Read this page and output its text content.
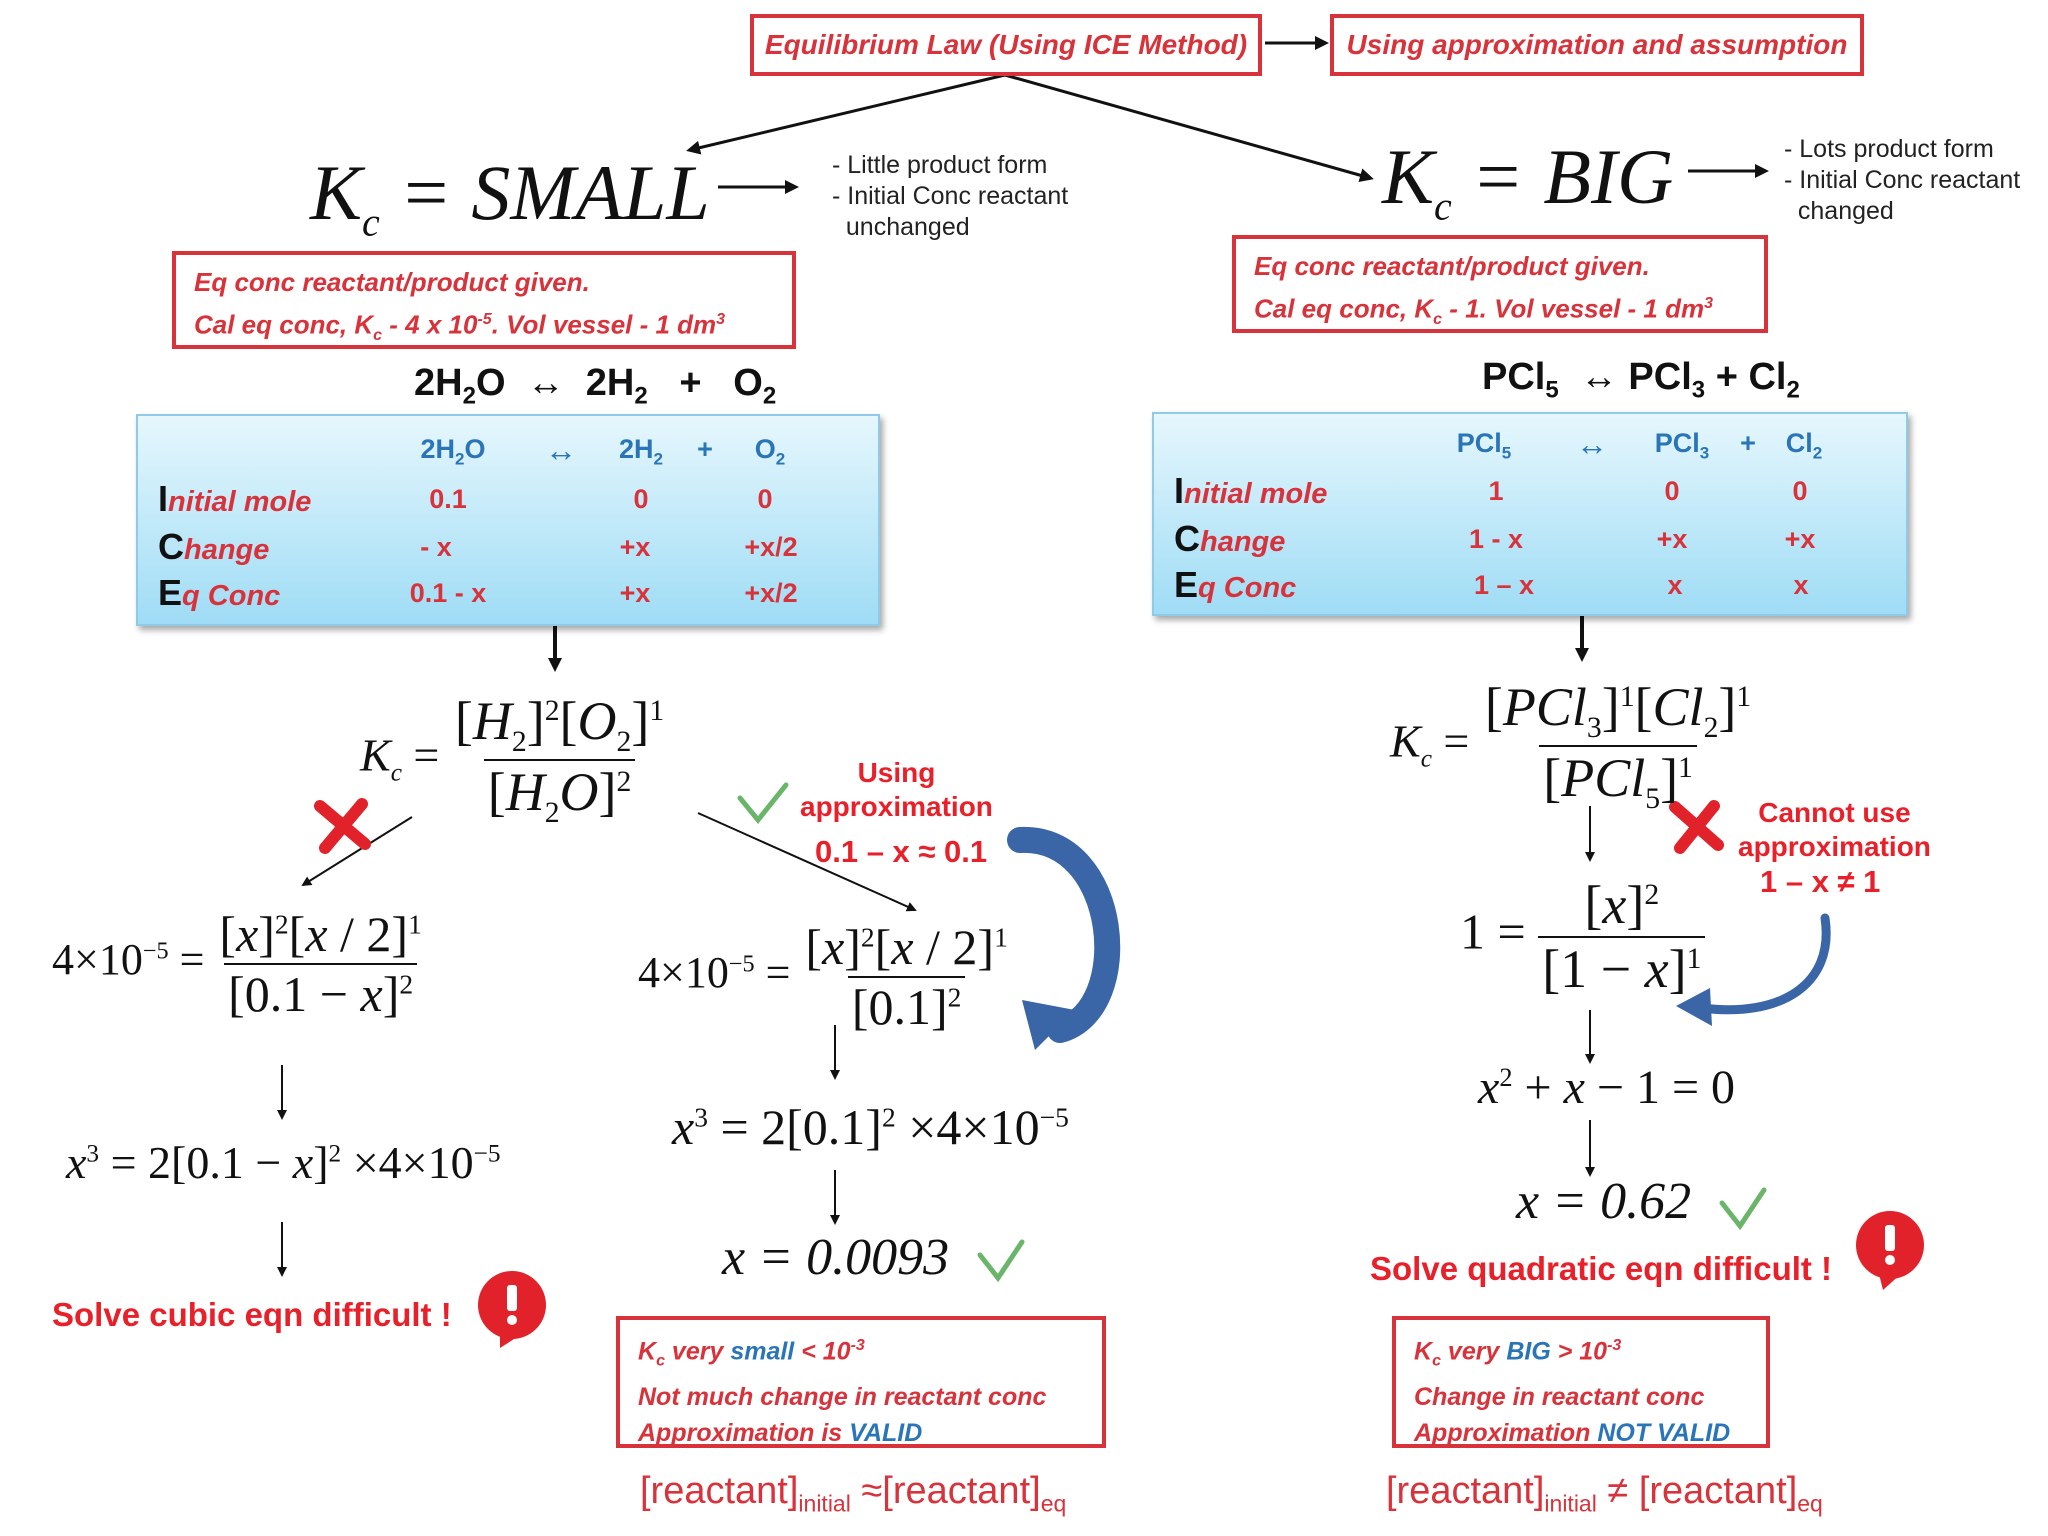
Equilibrium Law (Using ICE Method)	Using approximation and assumption
$K_c$ = SMALL	- Little product form
- Initial Conc reactant
unchanged
Eq conc reactant/product given.
Cal eq conc, $K_c - 4$ x $10^{-5}$. Vol vessel - 1 $dm^3$
$2H_2O$ ↔ $2H_2 + O_2$
$2H_2O$ ↔ $2H_2 + O_2$
Initial mole	0.1	0	0
Change	- x	+x	+x/2
Eq Conc	0.1 - x	+x	+x/2
$K_c = \frac{[H_2]^2[O_2]^1}{[H_2O]^2}$	Using
approximation
0.1 – x ≈ 0.1
$4\times 10^{-5} = \frac{[x]^2[x / 2]^1}{[0.1 - x]^2}$
$x^3 = 2[0.1 - x]^2 \times 4\times 10^{-5}$
Solve cubic eqn difficult !
$4\times 10^{-5} = \frac{[x]^2[x / 2]^1}{[0.1]^2}$
$x^3 = 2[0.1]^2 \times 4\times 10^{-5}$
x = 0.0093
$K_c$ very small < $10^{-3}$
Not much change in reactant conc
Approximation is VALID
$[reactant]_{initial}$ $\approx[reactant]_{eq}$
$K_c$ = BIG	- Lots product form
- Initial Conc reactant
changed
Eq conc reactant/product given.
Cal eq conc, $K_c - 1$. Vol vessel - 1 $dm^3$
PCl$_5$ ↔ $PCl_3 + Cl_2$
PCl$_5$ ↔ $PCl_3 + Cl_2$
Initial mole	1	0	0
Change	1 - x	+x	+x
Eq Conc	1 – x	x	x
$K_c = \frac{[PCl_3]^1[Cl_2]^1}{[PCl_5]^1}$ Cannot use
approximation
1 – x ≠ 1
$1 = \frac{[x]^2}{[1 - x]^1}$
$x^2 + x - 1 = 0$
x = 0.62
Solve quadratic eqn difficult !
$K_c$ very BIG > $10^{-3}$
Change in reactant conc
Approximation NOT VALID
$[reactant]_{initial}$ ≠ $[reactant]_{eq}$
